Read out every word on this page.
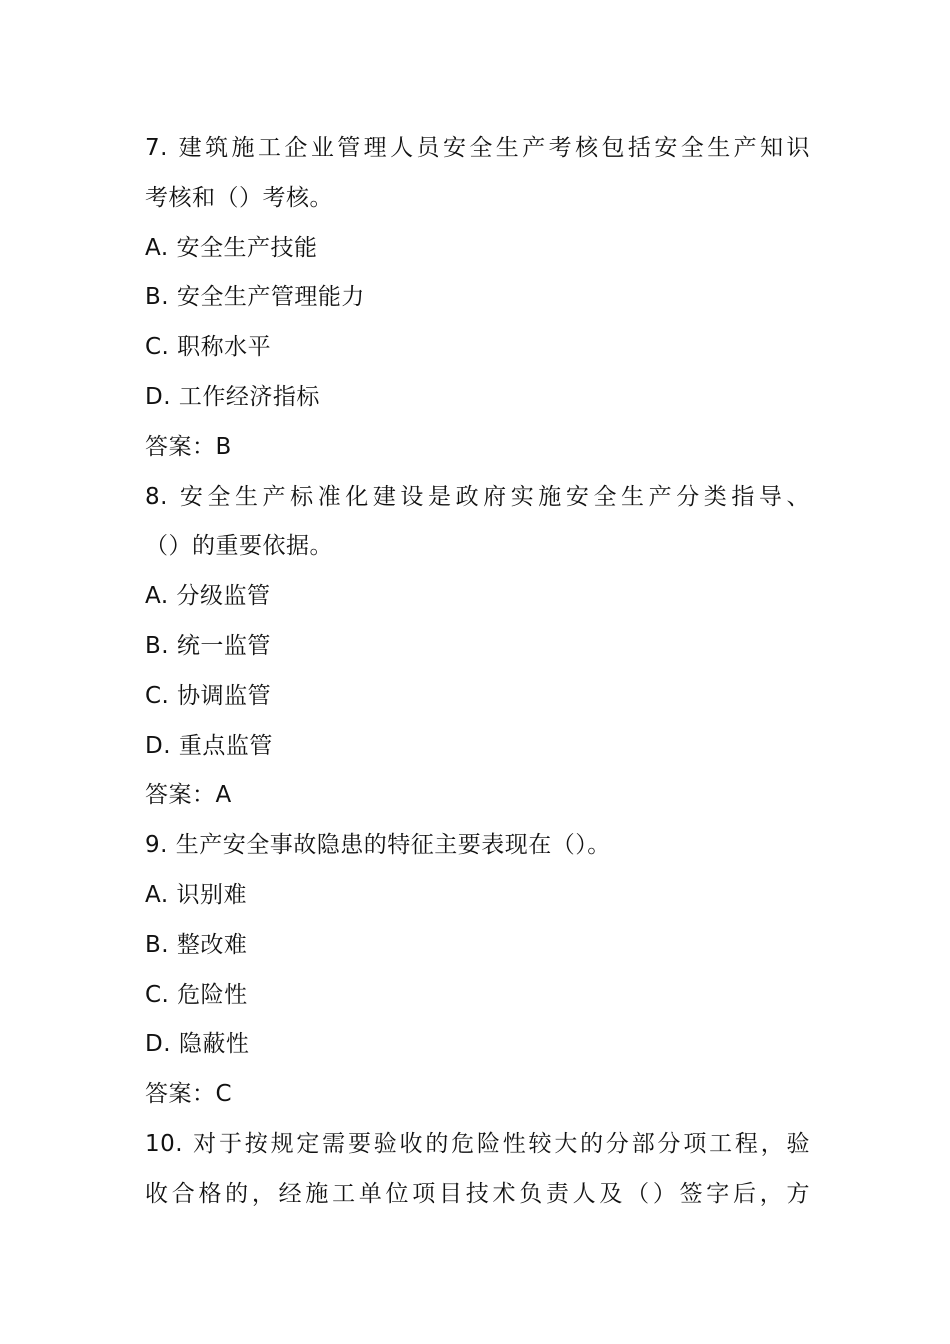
7. 建筑施工企业管理人员安全生产考核包括安全生产知识
考核和（）考核。
A. 安全生产技能
B. 安全生产管理能力
C. 职称水平
D. 工作经济指标
答案：B
8. 安全生产标准化建设是政府实施安全生产分类指导、
（）的重要依据。
A. 分级监管
B. 统一监管
C. 协调监管
D. 重点监管
答案：A
9. 生产安全事故隐患的特征主要表现在（）。
A. 识别难
B. 整改难
C. 危险性
D. 隐蔽性
答案：C
10. 对于按规定需要验收的危险性较大的分部分项工程，验
收合格的，经施工单位项目技术负责人及（）签字后，方
